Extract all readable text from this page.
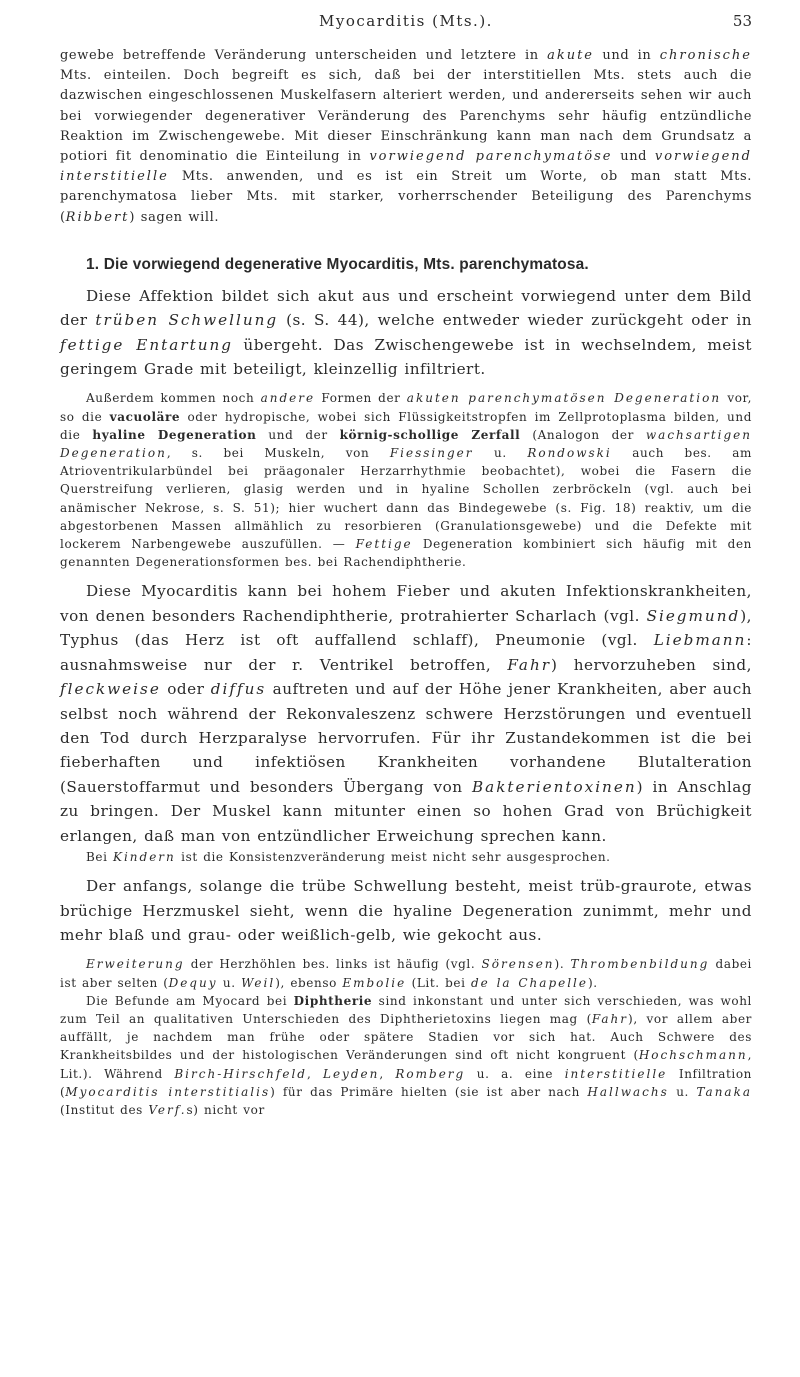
Myocarditis (Mts.).	53

gewebe betreffende Veränderung unterscheiden und letztere in akute und in chronische Mts. einteilen. Doch begreift es sich, daß bei der interstitiellen Mts. stets auch die dazwischen eingeschlossenen Muskelfasern alteriert werden, und andererseits sehen wir auch bei vorwiegender degenerativer Veränderung des Parenchyms sehr häufig entzündliche Reaktion im Zwischengewebe. Mit dieser Einschränkung kann man nach dem Grundsatz a potiori fit denominatio die Einteilung in vorwiegend parenchymatöse und vorwiegend interstitielle Mts. anwenden, und es ist ein Streit um Worte, ob man statt Mts. parenchymatosa lieber Mts. mit starker, vorherrschender Beteiligung des Parenchyms (Ribbert) sagen will.

1. Die vorwiegend degenerative Myocarditis, Mts. parenchymatosa.

Diese Affektion bildet sich akut aus und erscheint vorwiegend unter dem Bild der trüben Schwellung (s. S. 44), welche entweder wieder zurückgeht oder in fettige Entartung übergeht. Das Zwischengewebe ist in wechselndem, meist geringem Grade mit beteiligt, kleinzellig infiltriert.

Außerdem kommen noch andere Formen der akuten parenchymatösen Degeneration vor, so die vacuoläre oder hydropische, wobei sich Flüssigkeitstropfen im Zellprotoplasma bilden, und die hyaline Degeneration und der körnig-schollige Zerfall (Analogon der wachsartigen Degeneration, s. bei Muskeln, von Fiessinger u. Rondowski auch bes. am Atrioventrikularbündel bei präagonaler Herzarrhythmie beobachtet), wobei die Fasern die Querstreifung verlieren, glasig werden und in hyaline Schollen zerbröckeln (vgl. auch bei anämischer Nekrose, s. S. 51); hier wuchert dann das Bindegewebe (s. Fig. 18) reaktiv, um die abgestorbenen Massen allmählich zu resorbieren (Granulationsgewebe) und die Defekte mit lockerem Narbengewebe auszufüllen. — Fettige Degeneration kombiniert sich häufig mit den genannten Degenerationsformen bes. bei Rachendiphtherie.

Diese Myocarditis kann bei hohem Fieber und akuten Infektionskrankheiten, von denen besonders Rachendiphtherie, protrahierter Scharlach (vgl. Siegmund), Typhus (das Herz ist oft auffallend schlaff), Pneumonie (vgl. Liebmann: ausnahmsweise nur der r. Ventrikel betroffen, Fahr) hervorzuheben sind, fleckweise oder diffus auftreten und auf der Höhe jener Krankheiten, aber auch selbst noch während der Rekonvaleszenz schwere Herzstörungen und eventuell den Tod durch Herzparalyse hervorrufen. Für ihr Zustandekommen ist die bei fieberhaften und infektiösen Krankheiten vorhandene Blutalteration (Sauerstoffarmut und besonders Übergang von Bakterientoxinen) in Anschlag zu bringen. Der Muskel kann mitunter einen so hohen Grad von Brüchigkeit erlangen, daß man von entzündlicher Erweichung sprechen kann.

Bei Kindern ist die Konsistenzveränderung meist nicht sehr ausgesprochen.

Der anfangs, solange die trübe Schwellung besteht, meist trüb-graurote, etwas brüchige Herzmuskel sieht, wenn die hyaline Degeneration zunimmt, mehr und mehr blaß und grau- oder weißlich-gelb, wie gekocht aus.

Erweiterung der Herzhöhlen bes. links ist häufig (vgl. Sörensen). Thrombenbildung dabei ist aber selten (Dequy u. Weil), ebenso Embolie (Lit. bei de la Chapelle).

Die Befunde am Myocard bei Diphtherie sind inkonstant und unter sich verschieden, was wohl zum Teil an qualitativen Unterschieden des Diphtherietoxins liegen mag (Fahr), vor allem aber auffällt, je nachdem man frühe oder spätere Stadien vor sich hat. Auch Schwere des Krankheitsbildes und der histologischen Veränderungen sind oft nicht kongruent (Hochschmann, Lit.). Während Birch-Hirschfeld, Leyden, Romberg u. a. eine interstitielle Infiltration (Myocarditis interstitialis) für das Primäre hielten (sie ist aber nach Hallwachs u. Tanaka (Institut des Verf.s) nicht vor
